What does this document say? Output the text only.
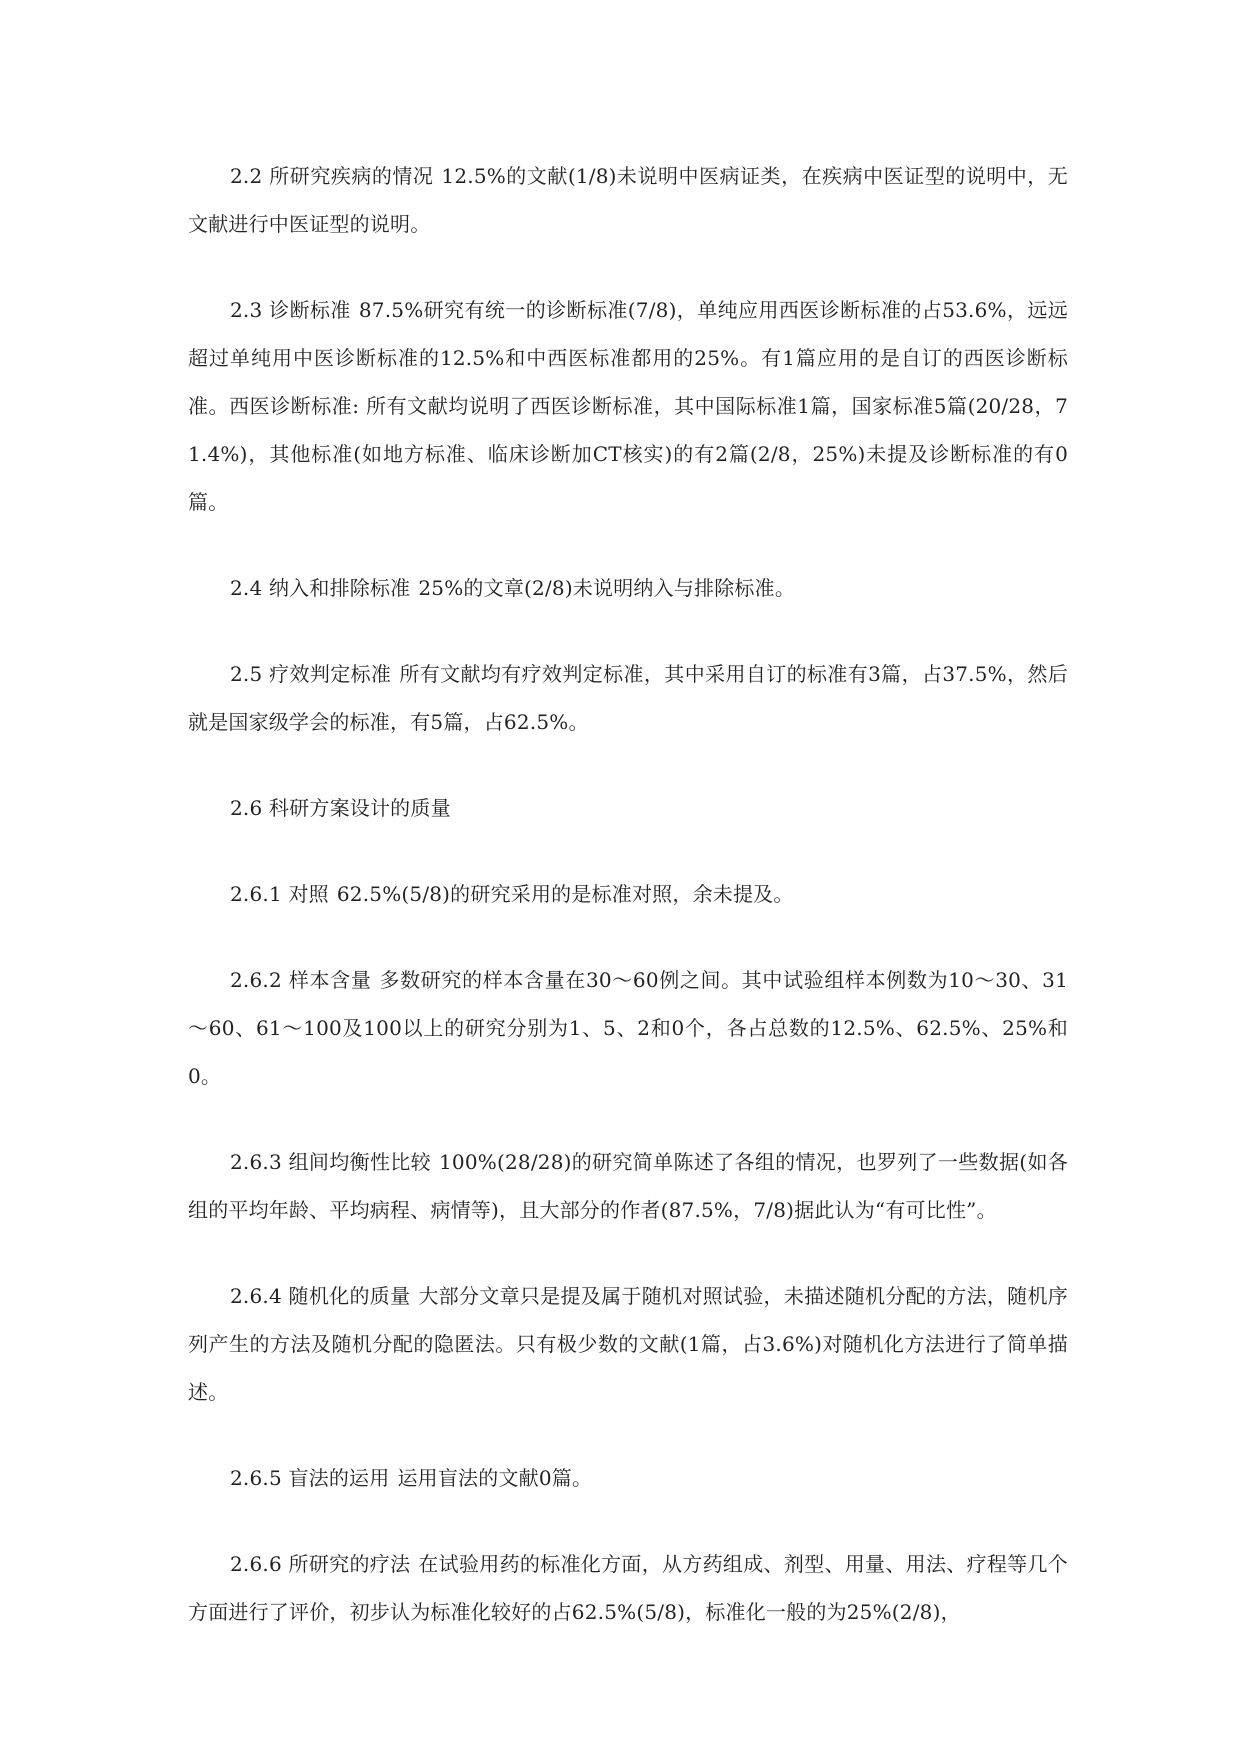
2.2 所研究疾病的情况 12.5%的文献(1/8)未说明中医病证类，在疾病中医证型的说明中，无文献进行中医证型的说明。

2.3 诊断标准 87.5%研究有统一的诊断标准(7/8)，单纯应用西医诊断标准的占53.6%，远远超过单纯用中医诊断标准的12.5%和中西医标准都用的25%。有1篇应用的是自订的西医诊断标准。西医诊断标准: 所有文献均说明了西医诊断标准，其中国际标准1篇，国家标准5篇(20/28，71.4%)，其他标准(如地方标准、临床诊断加CT核实)的有2篇(2/8，25%)未提及诊断标准的有0篇。

2.4 纳入和排除标准 25%的文章(2/8)未说明纳入与排除标准。

2.5 疗效判定标准 所有文献均有疗效判定标准，其中采用自订的标准有3篇，占37.5%，然后就是国家级学会的标准，有5篇，占62.5%。

2.6 科研方案设计的质量

2.6.1 对照 62.5%(5/8)的研究采用的是标准对照，余未提及。

2.6.2 样本含量 多数研究的样本含量在30～60例之间。其中试验组样本例数为10～30、31～60、61～100及100以上的研究分别为1、5、2和0个，各占总数的12.5%、62.5%、25%和0。

2.6.3 组间均衡性比较 100%(28/28)的研究简单陈述了各组的情况，也罗列了一些数据(如各组的平均年龄、平均病程、病情等)，且大部分的作者(87.5%，7/8)据此认为“有可比性”。

2.6.4 随机化的质量 大部分文章只是提及属于随机对照试验，未描述随机分配的方法，随机序列产生的方法及随机分配的隐匿法。只有极少数的文献(1篇，占3.6%)对随机化方法进行了简单描述。

2.6.5 盲法的运用 运用盲法的文献0篇。

2.6.6 所研究的疗法 在试验用药的标准化方面，从方药组成、剂型、用量、用法、疗程等几个方面进行了评价，初步认为标准化较好的占62.5%(5/8)，标准化一般的为25%(2/8)，
